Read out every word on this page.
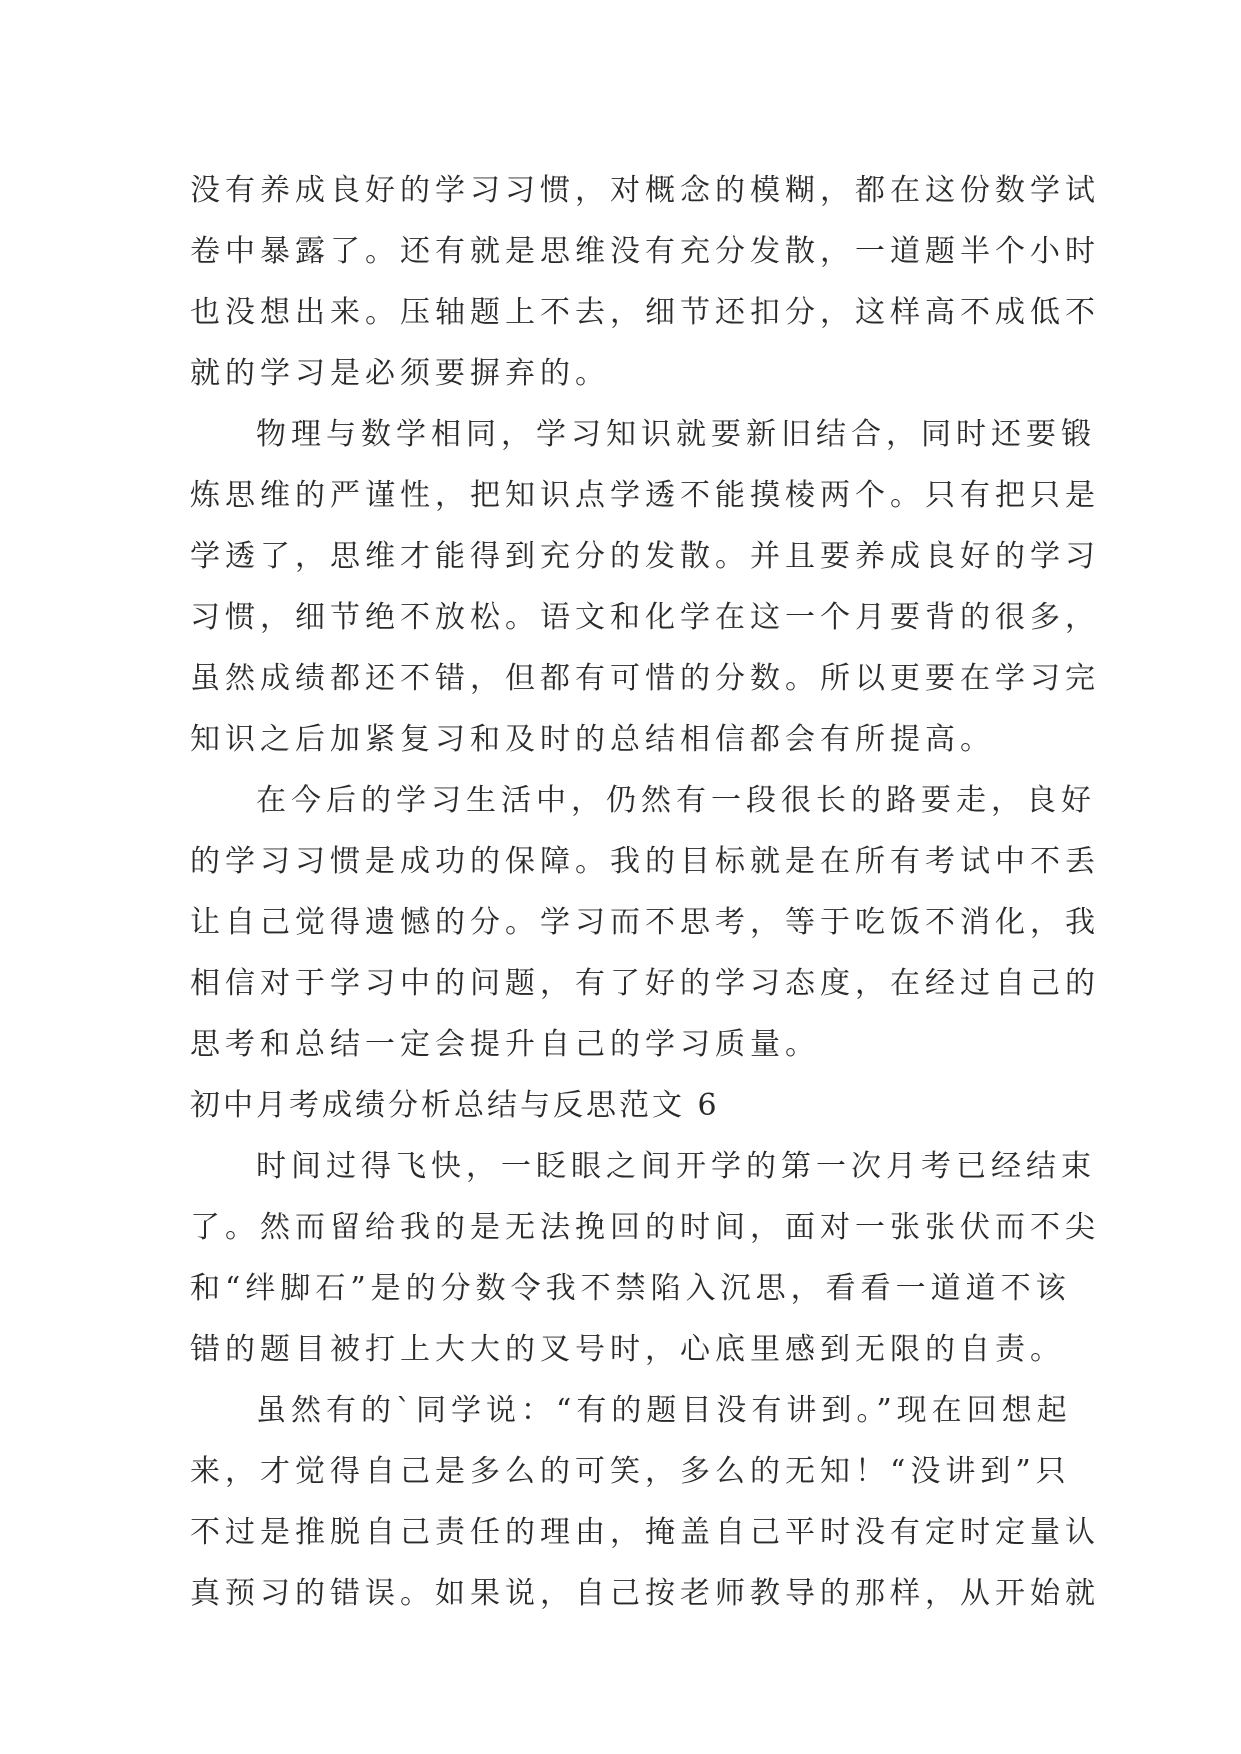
没有养成良好的学习习惯，对概念的模糊，都在这份数学试
卷中暴露了。还有就是思维没有充分发散，一道题半个小时
也没想出来。压轴题上不去，细节还扣分，这样高不成低不
就的学习是必须要摒弃的。
物理与数学相同，学习知识就要新旧结合，同时还要锻
炼思维的严谨性，把知识点学透不能摸棱两个。只有把只是
学透了，思维才能得到充分的发散。并且要养成良好的学习
习惯，细节绝不放松。语文和化学在这一个月要背的很多，
虽然成绩都还不错，但都有可惜的分数。所以更要在学习完
知识之后加紧复习和及时的总结相信都会有所提高。
在今后的学习生活中，仍然有一段很长的路要走，良好
的学习习惯是成功的保障。我的目标就是在所有考试中不丢
让自己觉得遗憾的分。学习而不思考，等于吃饭不消化，我
相信对于学习中的问题，有了好的学习态度，在经过自己的
思考和总结一定会提升自己的学习质量。
初中月考成绩分析总结与反思范文 6
时间过得飞快，一眨眼之间开学的第一次月考已经结束
了。然而留给我的是无法挽回的时间，面对一张张伏而不尖
和“绊脚石”是的分数令我不禁陷入沉思，看看一道道不该
错的题目被打上大大的叉号时，心底里感到无限的自责。
虽然有的`同学说：“有的题目没有讲到。”现在回想起
来，才觉得自己是多么的可笑，多么的无知！“没讲到”只
不过是推脱自己责任的理由，掩盖自己平时没有定时定量认
真预习的错误。如果说，自己按老师教导的那样，从开始就
